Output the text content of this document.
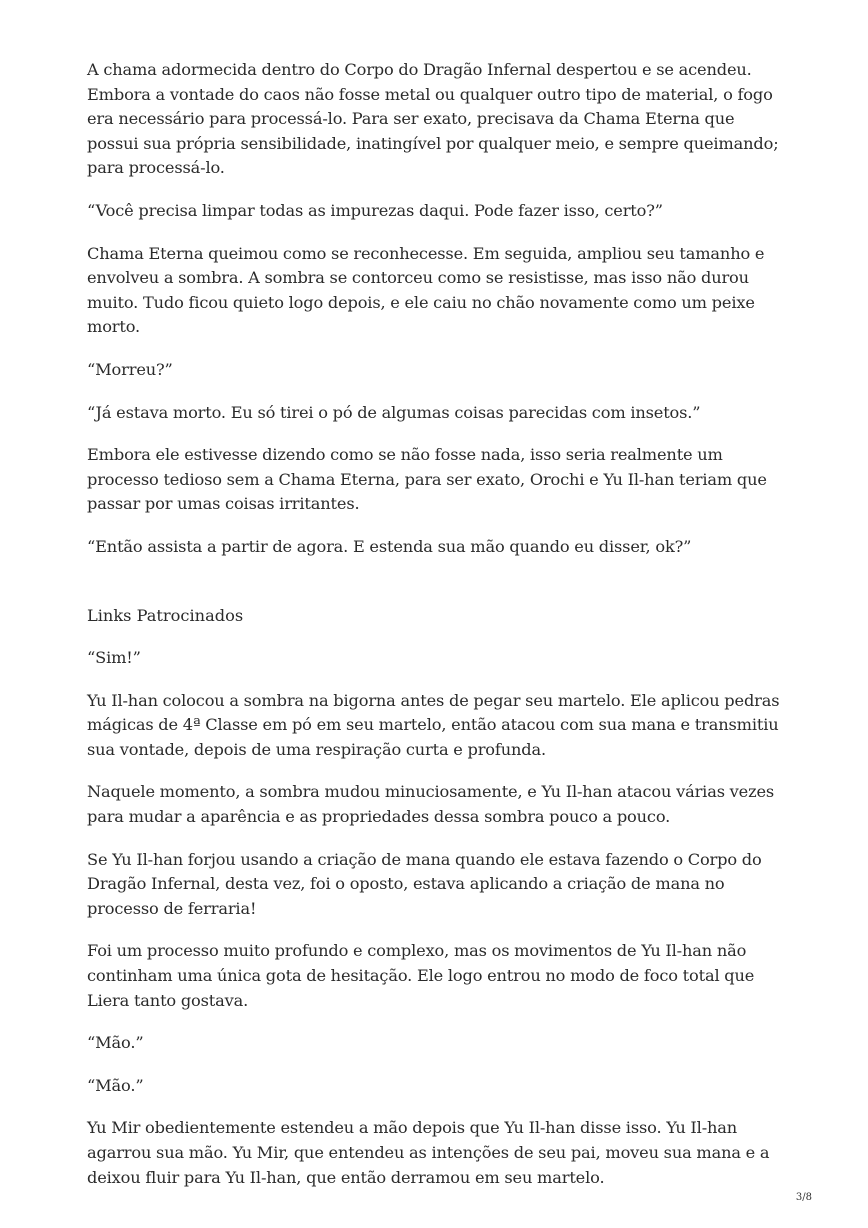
A chama adormecida dentro do Corpo do Dragão Infernal despertou e se acendeu. Embora a vontade do caos não fosse metal ou qualquer outro tipo de material, o fogo era necessário para processá-lo. Para ser exato, precisava da Chama Eterna que possui sua própria sensibilidade, inatingível por qualquer meio, e sempre queimando; para processá-lo.

“Você precisa limpar todas as impurezas daqui. Pode fazer isso, certo?”

Chama Eterna queimou como se reconhecesse. Em seguida, ampliou seu tamanho e envolveu a sombra. A sombra se contorceu como se resistisse, mas isso não durou muito. Tudo ficou quieto logo depois, e ele caiu no chão novamente como um peixe morto.

“Morreu?”

“Já estava morto. Eu só tirei o pó de algumas coisas parecidas com insetos.”

Embora ele estivesse dizendo como se não fosse nada, isso seria realmente um processo tedioso sem a Chama Eterna, para ser exato, Orochi e Yu Il-han teriam que passar por umas coisas irritantes.

“Então assista a partir de agora. E estenda sua mão quando eu disser, ok?”

Links Patrocinados

“Sim!”

Yu Il-han colocou a sombra na bigorna antes de pegar seu martelo. Ele aplicou pedras mágicas de 4ª Classe em pó em seu martelo, então atacou com sua mana e transmitiu sua vontade, depois de uma respiração curta e profunda.

Naquele momento, a sombra mudou minuciosamente, e Yu Il-han atacou várias vezes para mudar a aparência e as propriedades dessa sombra pouco a pouco.

Se Yu Il-han forjou usando a criação de mana quando ele estava fazendo o Corpo do Dragão Infernal, desta vez, foi o oposto, estava aplicando a criação de mana no processo de ferraria!

Foi um processo muito profundo e complexo, mas os movimentos de Yu Il-han não continham uma única gota de hesitação. Ele logo entrou no modo de foco total que Liera tanto gostava.

“Mão.”

“Mão.”

Yu Mir obedientemente estendeu a mão depois que Yu Il-han disse isso. Yu Il-han agarrou sua mão. Yu Mir, que entendeu as intenções de seu pai, moveu sua mana e a deixou fluir para Yu Il-han, que então derramou em seu martelo.

3/8
